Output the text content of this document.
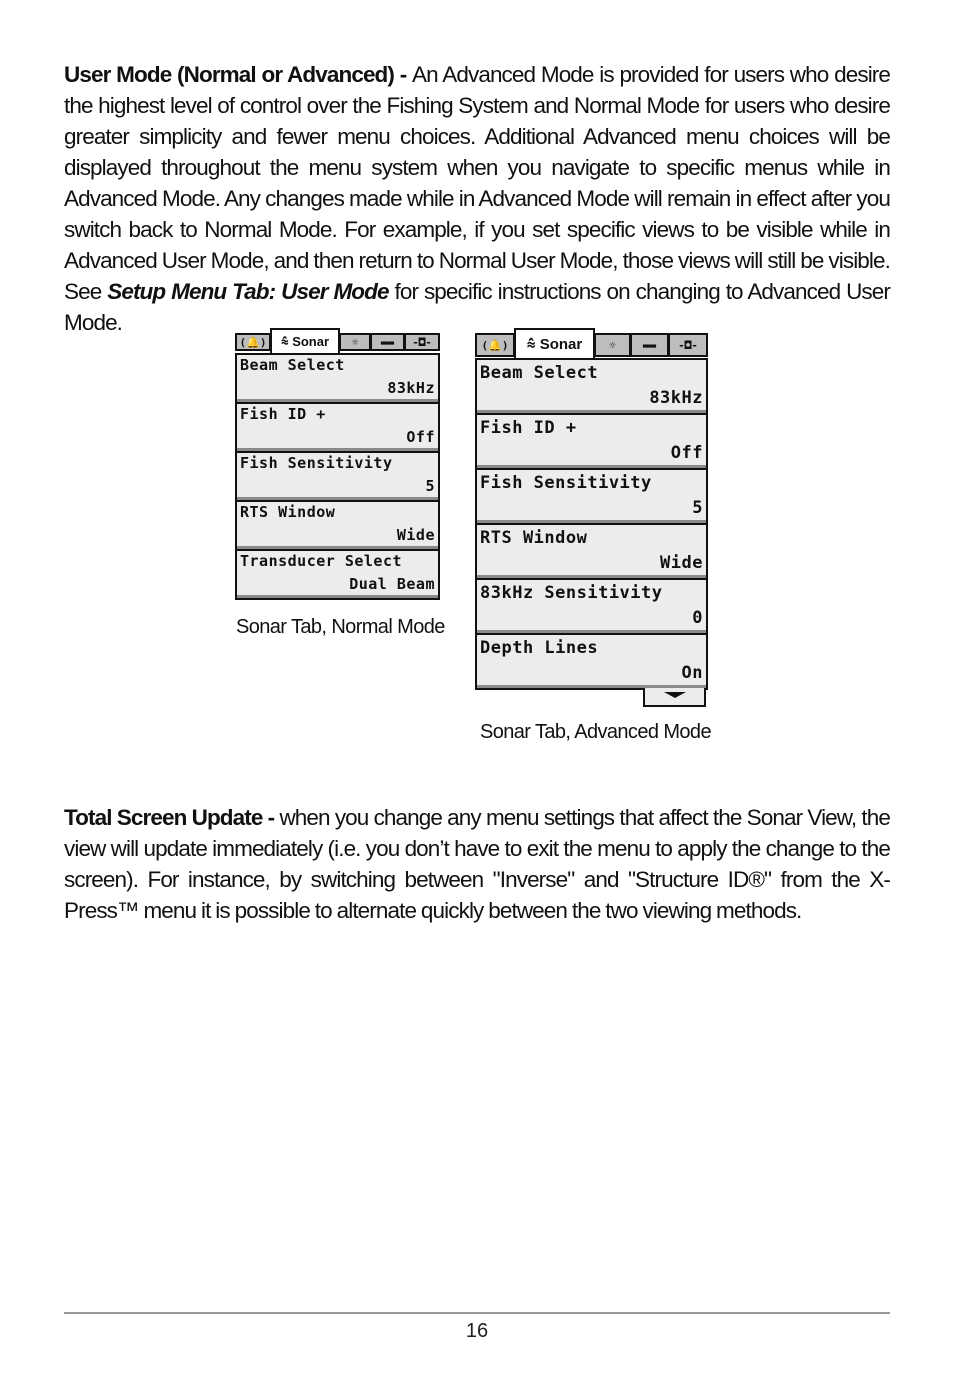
User Mode (Normal or Advanced) - An Advanced Mode is provided for users who desire the highest level of control over the Fishing System and Normal Mode for users who desire greater simplicity and fewer menu choices. Additional Advanced menu choices will be displayed throughout the menu system when you navigate to specific menus while in Advanced Mode. Any changes made while in Advanced Mode will remain in effect after you switch back to Normal Mode. For example, if you set specific views to be visible while in Advanced User Mode, and then return to Normal User Mode, those views will still be visible. See Setup Menu Tab: User Mode for specific instructions on changing to Advanced User Mode.
(🔔) ⩯
Sonar ☼ ▬▬ -◘-
Beam Select
83kHz
Fish ID +
Off
Fish Sensitivity
5
RTS Window
Wide
Transducer Select
Dual Beam
Sonar Tab, Normal Mode
(🔔) ⩯
Sonar ☼ ▬▬ -◘-
Beam Select
83kHz
Fish ID +
Off
Fish Sensitivity
5
RTS Window
Wide
83kHz Sensitivity
0
Depth Lines
On
Sonar Tab, Advanced Mode
Total Screen Update - when you change any menu settings that affect the Sonar View, the view will update immediately (i.e. you don’t have to exit the menu to apply the change to the screen). For instance, by switching between "Inverse" and "Structure ID®" from the X-Press™ menu it is possible to alternate quickly between the two viewing methods.
16
